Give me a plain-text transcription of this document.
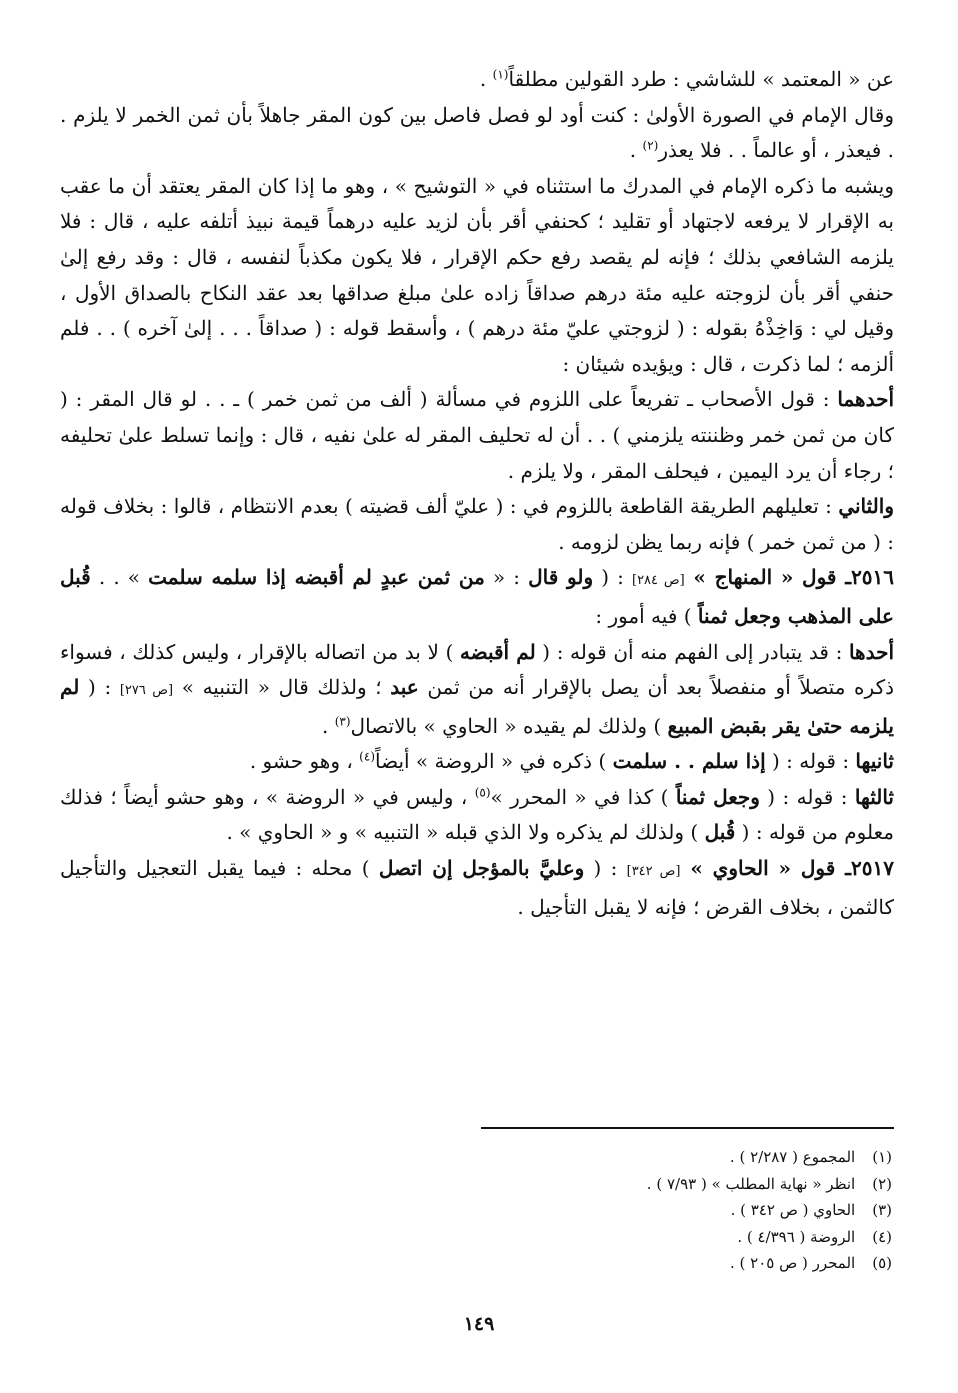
عن « المعتمد » للشاشي : طرد القولين مطلقاً$^{(١)}$ .

وقال الإمام في الصورة الأولىٰ : كنت أود لو فصل فاصل بين كون المقر جاهلاً بأن ثمن الخمر لا يلزم . . فيعذر ، أو عالماً . . فلا يعذر$^{(٢)}$ .

ويشبه ما ذكره الإمام في المدرك ما استثناه في « التوشيح » ، وهو ما إذا كان المقر يعتقد أن ما عقب به الإقرار لا يرفعه لاجتهاد أو تقليد ؛ كحنفي أقر بأن لزيد عليه درهماً قيمة نبيذ أتلفه عليه ، قال : فلا يلزمه الشافعي بذلك ؛ فإنه لم يقصد رفع حكم الإقرار ، فلا يكون مكذباً لنفسه ، قال : وقد رفع إلىٰ حنفي أقر بأن لزوجته عليه مئة درهم صداقاً زاده علىٰ مبلغ صداقها بعد عقد النكاح بالصداق الأول ، وقيل لي : وَاخِذْهُ بقوله : ( لزوجتي عليّ مئة درهم ) ، وأسقط قوله : ( صداقاً . . . إلىٰ آخره ) . . فلم ألزمه ؛ لما ذكرت ، قال : ويؤيده شيئان :

أحدهما : قول الأصحاب ـ تفريعاً على اللزوم في مسألة ( ألف من ثمن خمر ) ـ . . لو قال المقر : ( كان من ثمن خمر وظننته يلزمني ) . . أن له تحليف المقر له علىٰ نفيه ، قال : وإنما تسلط علىٰ تحليفه ؛ رجاء أن يرد اليمين ، فيحلف المقر ، ولا يلزم .

والثاني : تعليلهم الطريقة القاطعة باللزوم في : ( عليّ ألف قضيته ) بعدم الانتظام ، قالوا : بخلاف قوله : ( من ثمن خمر ) فإنه ربما يظن لزومه .

٢٥١٦ـ قول « المنهاج » [ص ٢٨٤] : ( ولو قال : « من ثمن عبدٍ لم أقبضه إذا سلمه سلمت » . . قُبل على المذهب وجعل ثمناً ) فيه أمور :

أحدها : قد يتبادر إلى الفهم منه أن قوله : ( لم أقبضه ) لا بد من اتصاله بالإقرار ، وليس كذلك ، فسواء ذكره متصلاً أو منفصلاً بعد أن يصل بالإقرار أنه من ثمن عبد ؛ ولذلك قال « التنبيه » [ص ٢٧٦] : ( لم يلزمه حتىٰ يقر بقبض المبيع ) ولذلك لم يقيده « الحاوي » بالاتصال$^{(٣)}$ .

ثانيها : قوله : ( إذا سلم . . سلمت ) ذكره في « الروضة » أيضاً$^{(٤)}$ ، وهو حشو .

ثالثها : قوله : ( وجعل ثمناً ) كذا في « المحرر »$^{(٥)}$ ، وليس في « الروضة » ، وهو حشو أيضاً ؛ فذلك معلوم من قوله : ( قُبل ) ولذلك لم يذكره ولا الذي قبله « التنبيه » و « الحاوي » .

٢٥١٧ـ قول « الحاوي » [ص ٣٤٢] : ( وعليَّ بالمؤجل إن اتصل ) محله : فيما يقبل التعجيل والتأجيل كالثمن ، بخلاف القرض ؛ فإنه لا يقبل التأجيل .

(١) المجموع ( ٢/٢٨٧ ) .
(٢) انظر « نهاية المطلب » ( ٧/٩٣ ) .
(٣) الحاوي ( ص ٣٤٢ ) .
(٤) الروضة ( ٤/٣٩٦ ) .
(٥) المحرر ( ص ٢٠٥ ) .
١٤٩
